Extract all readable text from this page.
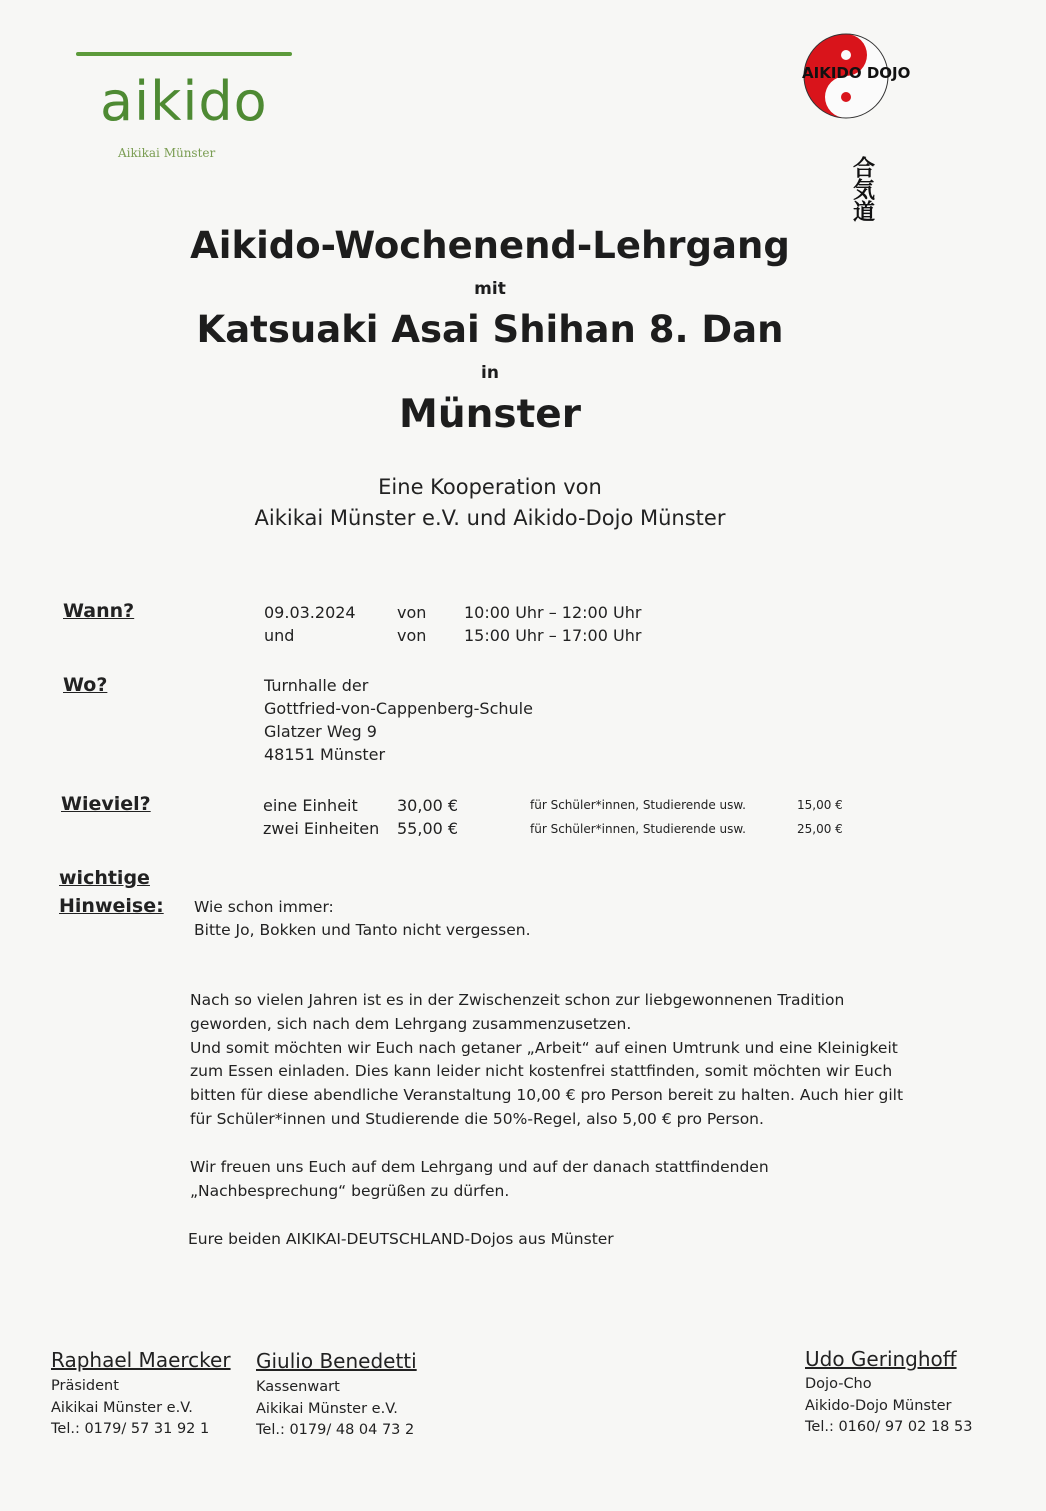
aikido
Aikikai Münster
AIKIDO DOJO
合気道
Aikido-Wochenend-Lehrgang
mit
Katsuaki Asai Shihan 8. Dan
in
Münster
Eine Kooperation von
Aikikai Münster e.V. und Aikido-Dojo Münster
Wann?	09.03.2024	von 10:00 Uhr – 12:00 Uhr
und	von 15:00 Uhr – 17:00 Uhr
Wo?	Turnhalle der
Gottfried-von-Cappenberg-Schule
Glatzer Weg 9
48151 Münster
Wieviel?	eine Einheit 30,00 €	für Schüler*innen, Studierende usw.	15,00 €
zwei Einheiten 55,00 €	für Schüler*innen, Studierende usw.	25,00 €
wichtige
Hinweise: Wie schon immer:
Bitte Jo, Bokken und Tanto nicht vergessen.
Nach so vielen Jahren ist es in der Zwischenzeit schon zur liebgewonnenen Tradition
geworden, sich nach dem Lehrgang zusammenzusetzen.
Und somit möchten wir Euch nach getaner „Arbeit“ auf einen Umtrunk und eine Kleinigkeit
zum Essen einladen. Dies kann leider nicht kostenfrei stattfinden, somit möchten wir Euch
bitten für diese abendliche Veranstaltung 10,00 € pro Person bereit zu halten. Auch hier gilt
für Schüler*innen und Studierende die 50%-Regel, also 5,00 € pro Person.
Wir freuen uns Euch auf dem Lehrgang und auf der danach stattfindenden
„Nachbesprechung“ begrüßen zu dürfen.
Eure beiden AIKIKAI-DEUTSCHLAND-Dojos aus Münster
Raphael Maercker
Präsident
Aikikai Münster e.V.
Tel.: 0179/ 57 31 92 1
Giulio Benedetti
Kassenwart
Aikikai Münster e.V.
Tel.: 0179/ 48 04 73 2
Udo Geringhoff
Dojo-Cho
Aikido-Dojo Münster
Tel.: 0160/ 97 02 18 53
